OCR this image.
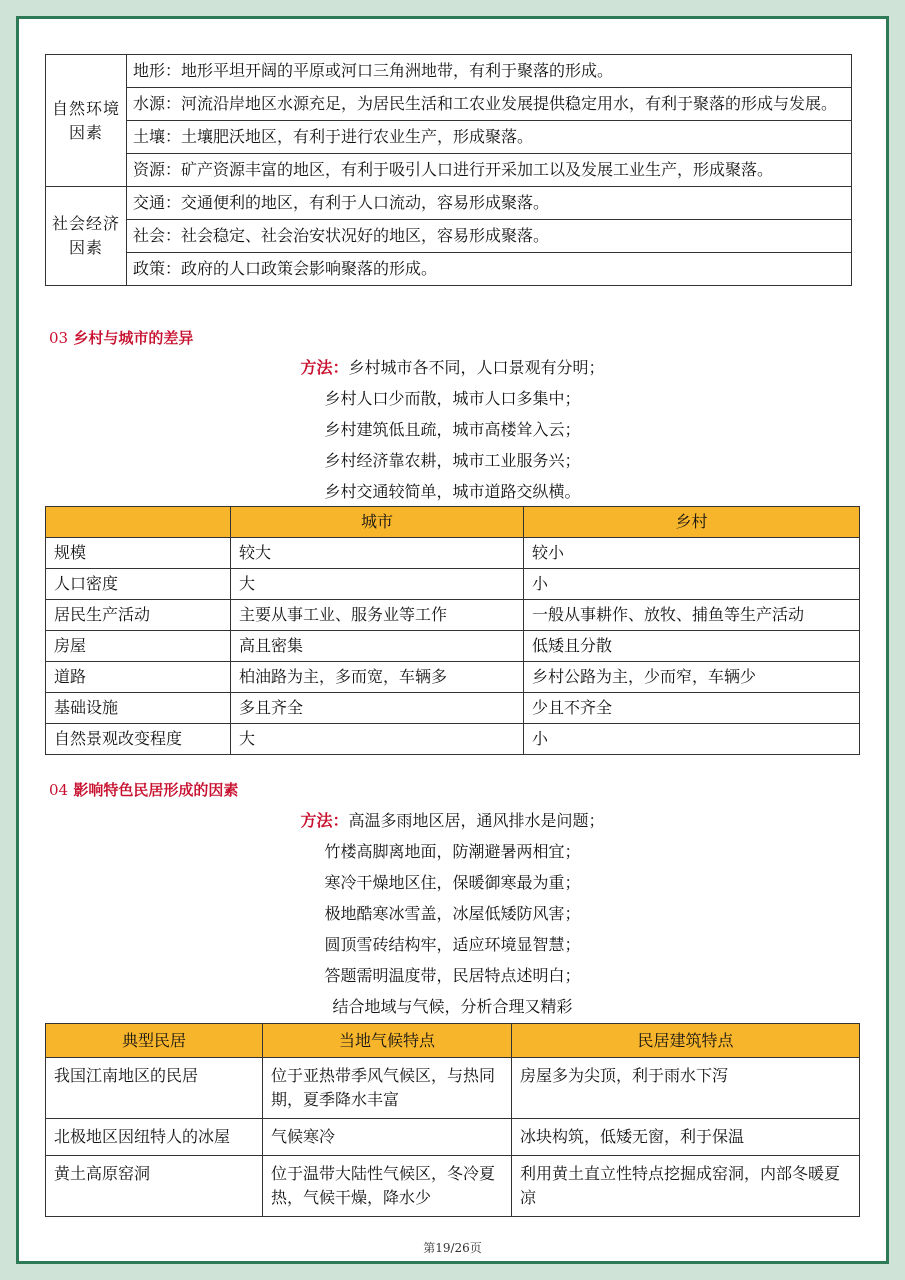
自然环境因素	地形：地形平坦开阔的平原或河口三角洲地带，有利于聚落的形成。
	水源：河流沿岸地区水源充足，为居民生活和工农业发展提供稳定用水，有利于聚落的形成与发展。
	土壤：土壤肥沃地区，有利于进行农业生产，形成聚落。
	资源：矿产资源丰富的地区，有利于吸引人口进行开采加工以及发展工业生产，形成聚落。
社会经济因素	交通：交通便利的地区，有利于人口流动，容易形成聚落。
	社会：社会稳定、社会治安状况好的地区，容易形成聚落。
	政策：政府的人口政策会影响聚落的形成。
03 乡村与城市的差异
方法：乡村城市各不同，人口景观有分明；
乡村人口少而散，城市人口多集中；
乡村建筑低且疏，城市高楼耸入云；
乡村经济靠农耕，城市工业服务兴；
乡村交通较简单，城市道路交纵横。
	城市	乡村
规模	较大	较小
人口密度	大	小
居民生产活动	主要从事工业、服务业等工作	一般从事耕作、放牧、捕鱼等生产活动
房屋	高且密集	低矮且分散
道路	柏油路为主，多而宽，车辆多	乡村公路为主，少而窄，车辆少
基础设施	多且齐全	少且不齐全
自然景观改变程度	大	小
04 影响特色民居形成的因素
方法：高温多雨地区居，通风排水是问题；
竹楼高脚离地面，防潮避暑两相宜；
寒冷干燥地区住，保暖御寒最为重；
极地酷寒冰雪盖，冰屋低矮防风害；
圆顶雪砖结构牢，适应环境显智慧；
答题需明温度带，民居特点述明白；
结合地域与气候，分析合理又精彩
典型民居	当地气候特点	民居建筑特点
我国江南地区的民居	位于亚热带季风气候区，与热同期，夏季降水丰富	房屋多为尖顶，利于雨水下泻
北极地区因纽特人的冰屋	气候寒冷	冰块构筑，低矮无窗，利于保温
黄土高原窑洞	位于温带大陆性气候区，冬冷夏热，气候干燥，降水少	利用黄土直立性特点挖掘成窑洞，内部冬暖夏凉
第19/26页
